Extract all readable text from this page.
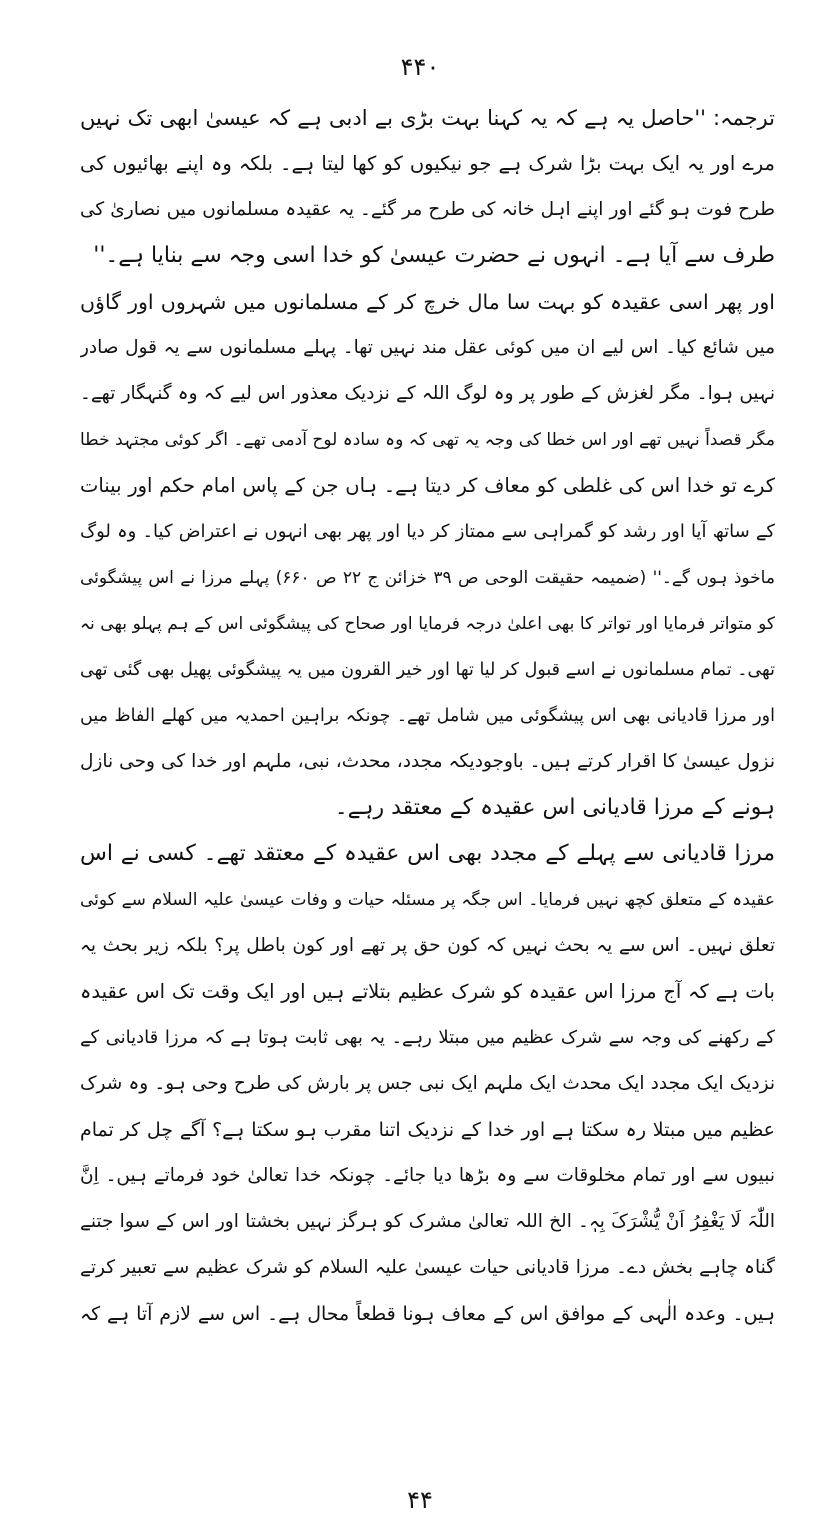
۴۴۰
ترجمہ: ''حاصل یہ ہے کہ یہ کہنا بہت بڑی بے ادبی ہے کہ عیسیٰ ابھی تک نہیں
مرے اور یہ ایک بہت بڑا شرک ہے جو نیکیوں کو کھا لیتا ہے۔ بلکہ وہ اپنے بھائیوں کی
طرح فوت ہو گئے اور اپنے اہل خانہ کی طرح مر گئے۔ یہ عقیدہ مسلمانوں میں نصاریٰ کی
طرف سے آیا ہے۔ انہوں نے حضرت عیسیٰ کو خدا اسی وجہ سے بنایا ہے۔''
اور پھر اسی عقیدہ کو بہت سا مال خرچ کر کے مسلمانوں میں شہروں اور گاؤں
میں شائع کیا۔ اس لیے ان میں کوئی عقل مند نہیں تھا۔ پہلے مسلمانوں سے یہ قول صادر
نہیں ہوا۔ مگر لغزش کے طور پر وہ لوگ اللہ کے نزدیک معذور اس لیے کہ وہ گنہگار تھے۔
مگر قصداً نہیں تھے اور اس خطا کی وجہ یہ تھی کہ وہ سادہ لوح آدمی تھے۔ اگر کوئی مجتہد خطا
کرے تو خدا اس کی غلطی کو معاف کر دیتا ہے۔ ہاں جن کے پاس امام حکم اور بینات
کے ساتھ آیا اور رشد کو گمراہی سے ممتاز کر دیا اور پھر بھی انہوں نے اعتراض کیا۔ وہ لوگ
ماخوذ ہوں گے۔'' (ضمیمہ حقیقت الوحی ص ۳۹ خزائن ج ۲۲ ص ۶۶۰) پہلے مرزا نے اس پیشگوئی
کو متواتر فرمایا اور تواتر کا بھی اعلیٰ درجہ فرمایا اور صحاح کی پیشگوئی اس کے ہم پہلو بھی نہ
تھی۔ تمام مسلمانوں نے اسے قبول کر لیا تھا اور خیر القرون میں یہ پیشگوئی پھیل بھی گئی تھی
اور مرزا قادیانی بھی اس پیشگوئی میں شامل تھے۔ چونکہ براہین احمدیہ میں کھلے الفاظ میں
نزول عیسیٰ کا اقرار کرتے ہیں۔ باوجودیکہ مجدد، محدث، نبی، ملہم اور خدا کی وحی نازل
ہونے کے مرزا قادیانی اس عقیدہ کے معتقد رہے۔
مرزا قادیانی سے پہلے کے مجدد بھی اس عقیدہ کے معتقد تھے۔ کسی نے اس
عقیدہ کے متعلق کچھ نہیں فرمایا۔ اس جگہ پر مسئلہ حیات و وفات عیسیٰ علیہ السلام سے کوئی
تعلق نہیں۔ اس سے یہ بحث نہیں کہ کون حق پر تھے اور کون باطل پر؟ بلکہ زیر بحث یہ
بات ہے کہ آج مرزا اس عقیدہ کو شرک عظیم بتلاتے ہیں اور ایک وقت تک اس عقیدہ
کے رکھنے کی وجہ سے شرک عظیم میں مبتلا رہے۔ یہ بھی ثابت ہوتا ہے کہ مرزا قادیانی کے
نزدیک ایک مجدد ایک محدث ایک ملہم ایک نبی جس پر بارش کی طرح وحی ہو۔ وہ شرک
عظیم میں مبتلا رہ سکتا ہے اور خدا کے نزدیک اتنا مقرب ہو سکتا ہے؟ آگے چل کر تمام
نبیوں سے اور تمام مخلوقات سے وہ بڑھا دیا جائے۔ چونکہ خدا تعالیٰ خود فرماتے ہیں۔ اِنَّ
اللّٰہَ لَا یَغْفِرُ اَنْ یُّشْرَکَ بِہٖ۔ الخ اللہ تعالیٰ مشرک کو ہرگز نہیں بخشتا اور اس کے سوا جتنے
گناہ چاہے بخش دے۔ مرزا قادیانی حیات عیسیٰ علیہ السلام کو شرک عظیم سے تعبیر کرتے
ہیں۔ وعدہ الٰہی کے موافق اس کے معاف ہونا قطعاً محال ہے۔ اس سے لازم آتا ہے کہ
۴۴
